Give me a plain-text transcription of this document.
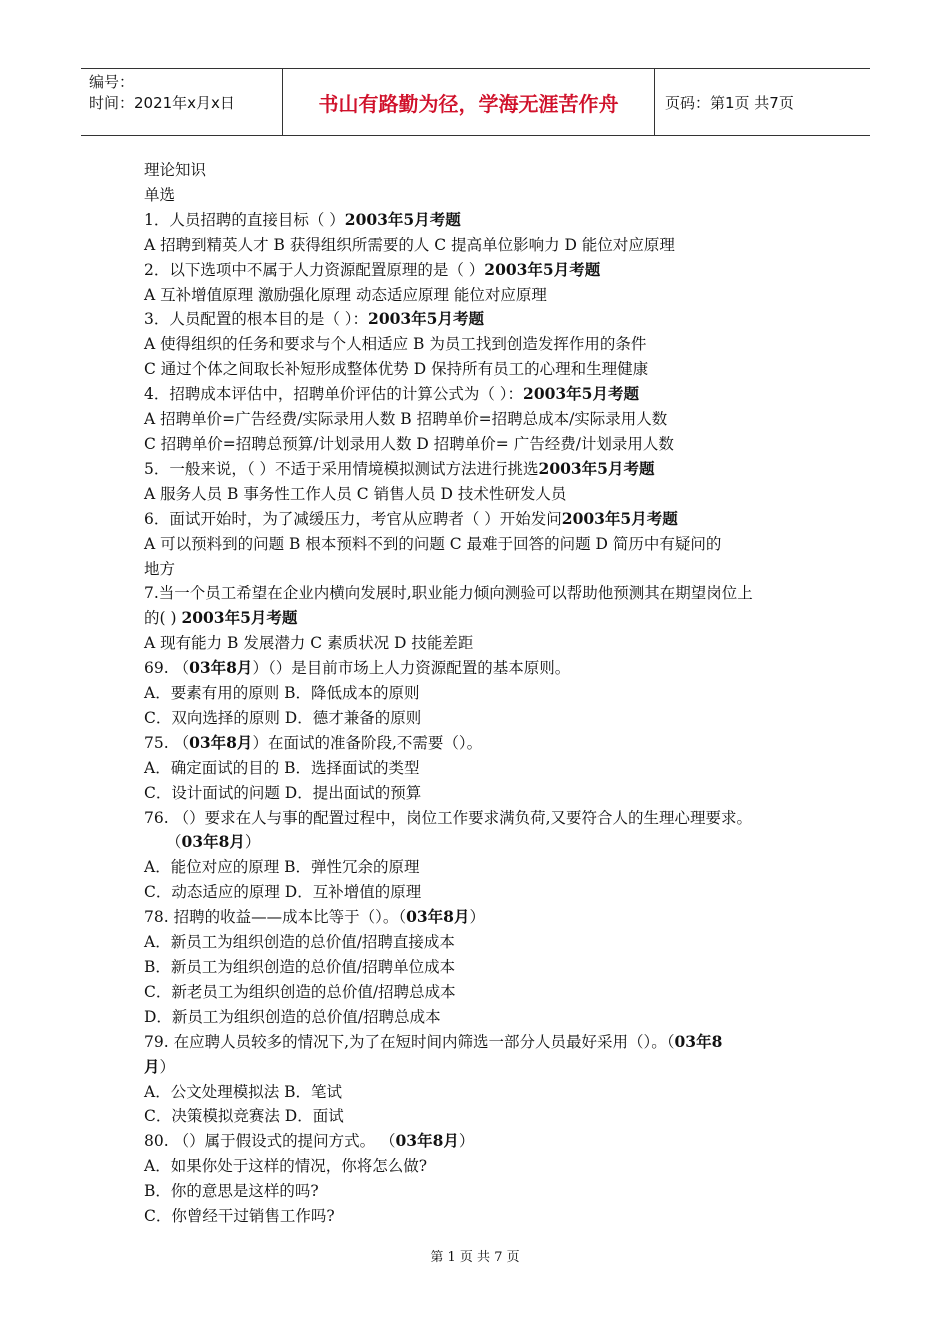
编号：
时间：2021年x月x日	书山有路勤为径，学海无涯苦作舟	页码：第1页 共7页
理论知识
单选
1．人员招聘的直接目标（ ）2003年5月考题
A 招聘到精英人才 B 获得组织所需要的人 C 提高单位影响力 D 能位对应原理
2．以下选项中不属于人力资源配置原理的是（ ）2003年5月考题
A 互补增值原理 激励强化原理 动态适应原理 能位对应原理
3．人员配置的根本目的是（ ）：2003年5月考题
A 使得组织的任务和要求与个人相适应 B 为员工找到创造发挥作用的条件
C 通过个体之间取长补短形成整体优势 D 保持所有员工的心理和生理健康
4．招聘成本评估中，招聘单价评估的计算公式为（ ）：2003年5月考题
A 招聘单价=广告经费/实际录用人数 B 招聘单价=招聘总成本/实际录用人数
C 招聘单价=招聘总预算/计划录用人数 D 招聘单价= 广告经费/计划录用人数
5．一般来说，（ ）不适于采用情境模拟测试方法进行挑选2003年5月考题
A 服务人员 B 事务性工作人员 C 销售人员 D 技术性研发人员
6．面试开始时，为了减缓压力，考官从应聘者（ ）开始发问2003年5月考题
A 可以预料到的问题 B 根本预料不到的问题 C 最难于回答的问题 D 简历中有疑问的
地方
7.当一个员工希望在企业内横向发展时,职业能力倾向测验可以帮助他预测其在期望岗位上
的( ) 2003年5月考题
A 现有能力 B 发展潜力 C 素质状况 D 技能差距
69. （03年8月）（）是目前市场上人力资源配置的基本原则。
A．要素有用的原则 B．降低成本的原则
C．双向选择的原则 D．德才兼备的原则
75. （03年8月）在面试的准备阶段,不需要（）。
A．确定面试的目的 B．选择面试的类型
C．设计面试的问题 D．提出面试的预算
76. （）要求在人与事的配置过程中，岗位工作要求满负荷,又要符合人的生理心理要求。
（03年8月）
A．能位对应的原理 B．弹性冗余的原理
C．动态适应的原理 D．互补增值的原理
78. 招聘的收益——成本比等于（）。（03年8月）
A．新员工为组织创造的总价值/招聘直接成本
B．新员工为组织创造的总价值/招聘单位成本
C．新老员工为组织创造的总价值/招聘总成本
D．新员工为组织创造的总价值/招聘总成本
79. 在应聘人员较多的情况下,为了在短时间内筛选一部分人员最好采用（）。（03年8
月）
A．公文处理模拟法 B．笔试
C．决策模拟竞赛法 D．面试
80. （）属于假设式的提问方式。 （03年8月）
A．如果你处于这样的情况，你将怎么做?
B．你的意思是这样的吗?
C．你曾经干过销售工作吗?
第 1 页 共 7 页
